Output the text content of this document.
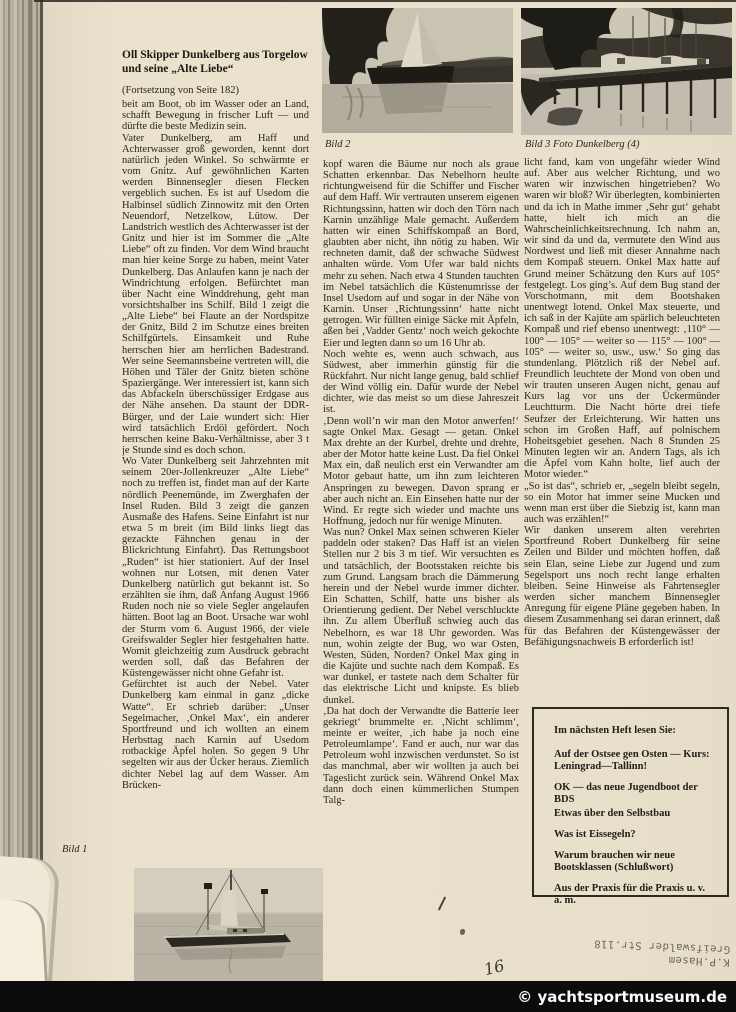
Oll Skipper Dunkelberg aus Torgelow und seine „Alte Liebe“

(Fortsetzung von Seite 182)

beit am Boot, ob im Wasser oder an Land, schafft Bewegung in frischer Luft — und dürfte die beste Medizin sein.

Vater Dunkelberg, am Haff und Achterwasser groß geworden, kennt dort natürlich jeden Winkel. So schwärmte er vom Gnitz. Auf gewöhnlichen Karten werden Binnensegler diesen Flecken vergeblich suchen. Es ist auf Usedom die Halbinsel südlich Zinnowitz mit den Orten Neuendorf, Netzelkow, Lütow. Der Landstrich westlich des Achterwasser ist der Gnitz und hier ist im Sommer die „Alte Liebe“ oft zu finden. Vor dem Wind braucht man hier keine Sorge zu haben, meint Vater Dunkelberg. Das Anlaufen kann je nach der Windrichtung erfolgen. Befürchtet man über Nacht eine Winddrehung, geht man vorsichtshalber ins Schilf. Bild 1 zeigt die „Alte Liebe“ bei Flaute an der Nordspitze der Gnitz, Bild 2 im Schutze eines breiten Schilfgürtels. Einsamkeit und Ruhe herrschen hier am herrlichen Badestrand. Wer seine Seemannsbeine vertreten will, die Höhen und Täler der Gnitz bieten schöne Spaziergänge. Wer interessiert ist, kann sich das Abfackeln überschüssiger Erdgase aus der Nähe ansehen. Da staunt der DDR-Bürger, und der Laie wundert sich: Hier wird tatsächlich Erdöl gefördert. Noch herrschen keine Baku-Verhältnisse, aber 3 t je Stunde sind es doch schon.

Wo Vater Dunkelberg seit Jahrzehnten mit seinem 20er-Jollenkreuzer „Alte Liebe“ noch zu treffen ist, findet man auf der Karte nördlich Peenemünde, im Zwerghafen der Insel Ruden. Bild 3 zeigt die ganzen Ausmaße des Hafens. Seine Einfahrt ist nur etwa 5 m breit (im Bild links liegt das gezackte Fähnchen genau in der Blickrichtung Einfahrt). Das Rettungsboot „Ruden“ ist hier stationiert. Auf der Insel wohnen nur Lotsen, mit denen Vater Dunkelberg natürlich gut bekannt ist. So erzählten sie ihm, daß Anfang August 1966 Ruden noch nie so viele Segler angelaufen hätten. Boot lag an Boot. Ursache war wohl der Sturm vom 6. August 1966, der viele Greifswalder Segler hier festgehalten hatte. Womit gleichzeitig zum Ausdruck gebracht werden soll, daß das Befahren der Küstengewässer nicht ohne Gefahr ist.

Gefürchtet ist auch der Nebel. Vater Dunkelberg kam einmal in ganz „dicke Watte“. Er schrieb darüber: „Unser Segelmacher, ‚Onkel Max‘, ein anderer Sportfreund und ich wollten an einem Herbsttag nach Karnin auf Usedom rotbackige Äpfel holen. So gegen 9 Uhr segelten wir aus der Ücker heraus. Ziemlich dichter Nebel lag auf dem Wasser. Am Brücken-

Bild 1
Bild 2	Bild 3 Foto Dunkelberg (4)

kopf waren die Bäume nur noch als graue Schatten erkennbar. Das Nebelhorn heulte richtungweisend für die Schiffer und Fischer auf dem Haff. Wir vertrauten unserem eigenen Richtungssinn, hatten wir doch den Törn nach Karnin unzählige Male gemacht. Außerdem hatten wir einen Schiffskompaß an Bord, glaubten aber nicht, ihn nötig zu haben. Wir rechneten damit, daß der schwache Südwest anhalten würde. Vom Ufer war bald nichts mehr zu sehen. Nach etwa 4 Stunden tauchten im Nebel tatsächlich die Küstenumrisse der Insel Usedom auf und sogar in der Nähe von Karnin. Unser ‚Richtungssinn‘ hatte nicht getrogen. Wir füllten einige Säcke mit Äpfeln, aßen bei ‚Vadder Gentz‘ noch weich gekochte Eier und legten dann so um 16 Uhr ab.

Noch wehte es, wenn auch schwach, aus Südwest, aber immerhin günstig für die Rückfahrt. Nur nicht lange genug, bald schlief der Wind völlig ein. Dafür wurde der Nebel dichter, wie das meist so um diese Jahreszeit ist.

‚Denn woll’n wir man den Motor anwerfen!‘ sagte Onkel Max. Gesagt — getan. Onkel Max drehte an der Kurbel, drehte und drehte, aber der Motor hatte keine Lust. Da fiel Onkel Max ein, daß neulich erst ein Verwandter am Motor gebaut hatte, um ihn zum leichteren Anspringen zu bewegen. Davon sprang er aber auch nicht an. Ein Einsehen hatte nur der Wind. Er regte sich wieder und machte uns Hoffnung, jedoch nur für wenige Minuten.

Was nun? Onkel Max seinen schweren Kieler paddeln oder staken? Das Haff ist an vielen Stellen nur 2 bis 3 m tief. Wir versuchten es und tatsächlich, der Bootsstaken reichte bis zum Grund. Langsam brach die Dämmerung herein und der Nebel wurde immer dichter. Ein Schatten, Schilf, hatte uns bisher als Orientierung gedient. Der Nebel verschluckte ihn. Zu allem Überfluß schwieg auch das Nebelhorn, es war 18 Uhr geworden. Was nun, wohin zeigte der Bug, wo war Osten, Westen, Süden, Norden? Onkel Max ging in die Kajüte und suchte nach dem Kompaß. Es war dunkel, er tastete nach dem Schalter für das elektrische Licht und knipste. Es blieb dunkel.

‚Da hat doch der Verwandte die Batterie leer gekriegt‘ brummelte er. ‚Nicht schlimm‘, meinte er weiter, ‚ich habe ja noch eine Petroleumlampe‘. Fand er auch, nur war das Petroleum wohl inzwischen verdunstet. So ist das manchmal, aber wir wollten ja auch bei Tageslicht zurück sein. Während Onkel Max dann doch einen kümmerlichen Stumpen Talg-

licht fand, kam von ungefähr wieder Wind auf. Aber aus welcher Richtung, und wo waren wir inzwischen hingetrieben? Wo waren wir bloß? Wir überlegten, kombinierten und da ich in Mathe immer ‚Sehr gut‘ gehabt hatte, hielt ich mich an die Wahrscheinlichkeitsrechnung. Ich nahm an, wir sind da und da, vermutete den Wind aus Nordwest und ließ mit dieser Annahme nach dem Kompaß steuern. Onkel Max hatte auf Grund meiner Schätzung den Kurs auf 105° festgelegt. Los ging’s. Auf dem Bug stand der Vorschotmann, mit dem Bootshaken unentwegt lotend. Onkel Max steuerte, und ich saß in der Kajüte am spärlich beleuchteten Kompaß und rief ebenso unentwegt: ‚110° — 100° — 105° — weiter so — 115° — 100° — 105° — weiter so, usw., usw.‘ So ging das stundenlang. Plötzlich riß der Nebel auf. Freundlich leuchtete der Mond von oben und wir trauten unseren Augen nicht, genau auf Kurs lag vor uns der Ückermünder Leuchtturm. Die Nacht hörte drei tiefe Seufzer der Erleichterung. Wir hatten uns schon im Großen Haff, auf polnischem Hoheitsgebiet gesehen. Nach 8 Stunden 25 Minuten legten wir an. Andern Tags, als ich die Äpfel vom Kahn holte, lief auch der Motor wieder.“

„So ist das“, schrieb er, „segeln bleibt segeln, so ein Motor hat immer seine Mucken und wenn man erst über die Siebzig ist, kann man auch was erzählen!“

Wir danken unserem alten verehrten Sportfreund Robert Dunkelberg für seine Zeilen und Bilder und möchten hoffen, daß sein Elan, seine Liebe zur Jugend und zum Segelsport uns noch recht lange erhalten bleiben. Seine Hinweise als Fahrtensegler werden sicher manchem Binnensegler Anregung für eigene Pläne gegeben haben. In diesem Zusammenhang sei daran erinnert, daß für das Befahren der Küstengewässer der Befähigungsnachweis B erforderlich ist!

Im nächsten Heft lesen Sie:

Auf der Ostsee gen Osten — Kurs: Leningrad—Tallinn!

OK — das neue Jugendboot der BDS

Etwas über den Selbstbau

Was ist Eissegeln?

Warum brauchen wir neue Bootsklassen (Schlußwort)

Aus der Praxis für die Praxis u. v. a. m.

K.P.Hasem
Greifswalder Str.118
16
© yachtsportmuseum.de
